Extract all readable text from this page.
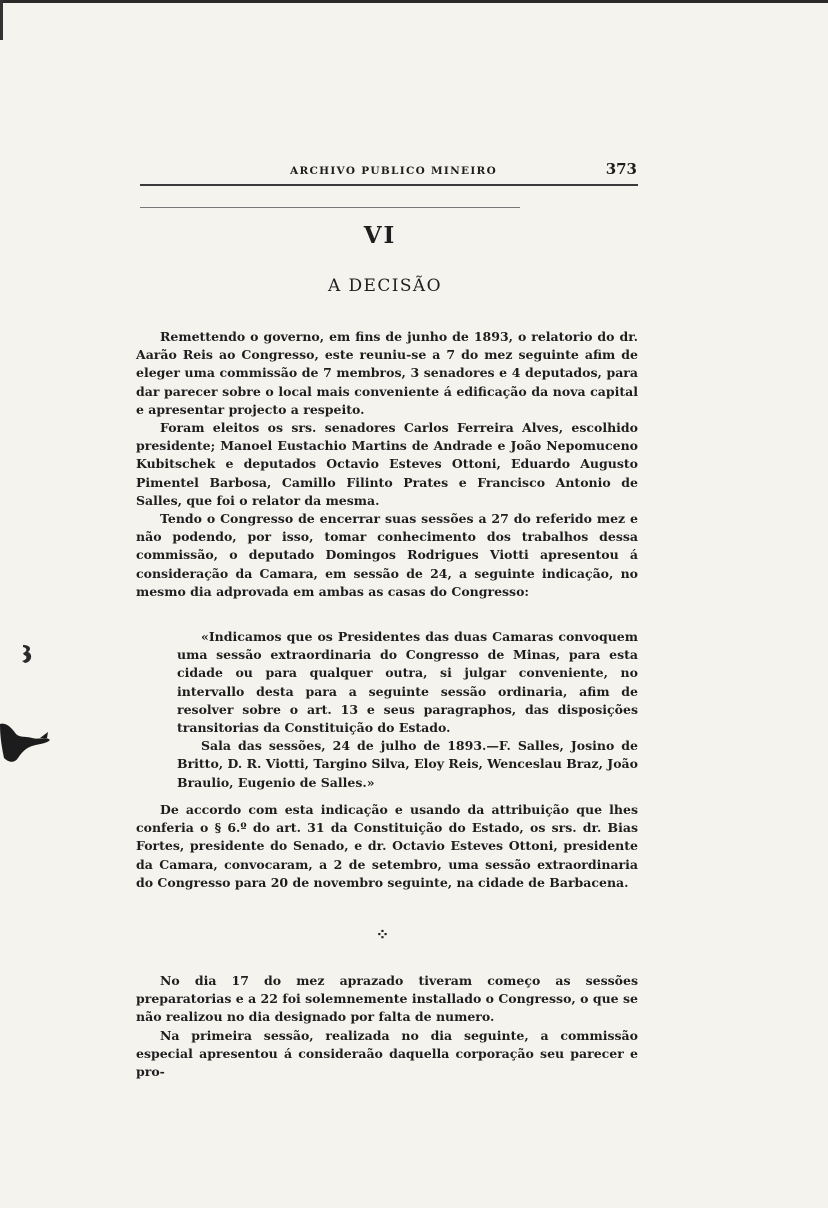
ARCHIVO PUBLICO MINEIRO	373
VI
A DECISÃO

Remettendo o governo, em fins de junho de 1893, o relatorio do dr. Aarão Reis ao Congresso, este reuniu-se a 7 do mez seguinte afim de eleger uma commissão de 7 membros, 3 senadores e 4 deputados, para dar parecer sobre o local mais conveniente á edificação da nova capital e apresentar projecto a respeito.

Foram eleitos os srs. senadores Carlos Ferreira Alves, escolhido presidente; Manoel Eustachio Martins de Andrade e João Nepomuceno Kubitschek e deputados Octavio Esteves Ottoni, Eduardo Augusto Pimentel Barbosa, Camillo Filinto Prates e Francisco Antonio de Salles, que foi o relator da mesma.

Tendo o Congresso de encerrar suas sessões a 27 do referido mez e não podendo, por isso, tomar conhecimento dos trabalhos dessa commissão, o deputado Domingos Rodrigues Viotti apresentou á consideração da Camara, em sessão de 24, a seguinte indicação, no mesmo dia adprovada em ambas as casas do Congresso:

«Indicamos que os Presidentes das duas Camaras convoquem uma sessão extraordinaria do Congresso de Minas, para esta cidade ou para qualquer outra, si julgar conveniente, no intervallo desta para a seguinte sessão ordinaria, afim de resolver sobre o art. 13 e seus paragraphos, das disposições transitorias da Constituição do Estado.

Sala das sessões, 24 de julho de 1893.—F. Salles, Josino de Britto, D. R. Viotti, Targino Silva, Eloy Reis, Wenceslau Braz, João Braulio, Eugenio de Salles.»

De accordo com esta indicação e usando da attribuição que lhes conferia o § 6.º do art. 31 da Constituição do Estado, os srs. dr. Bias Fortes, presidente do Senado, e dr. Octavio Esteves Ottoni, presidente da Camara, convocaram, a 2 de setembro, uma sessão extraordinaria do Congresso para 20 de novembro seguinte, na cidade de Barbacena.

⁘

No dia 17 do mez aprazado tiveram começo as sessões preparatorias e a 22 foi solemnemente installado o Congresso, o que se não realizou no dia designado por falta de numero.

Na primeira sessão, realizada no dia seguinte, a commissão especial apresentou á consideraão daquella corporação seu parecer e pro-
